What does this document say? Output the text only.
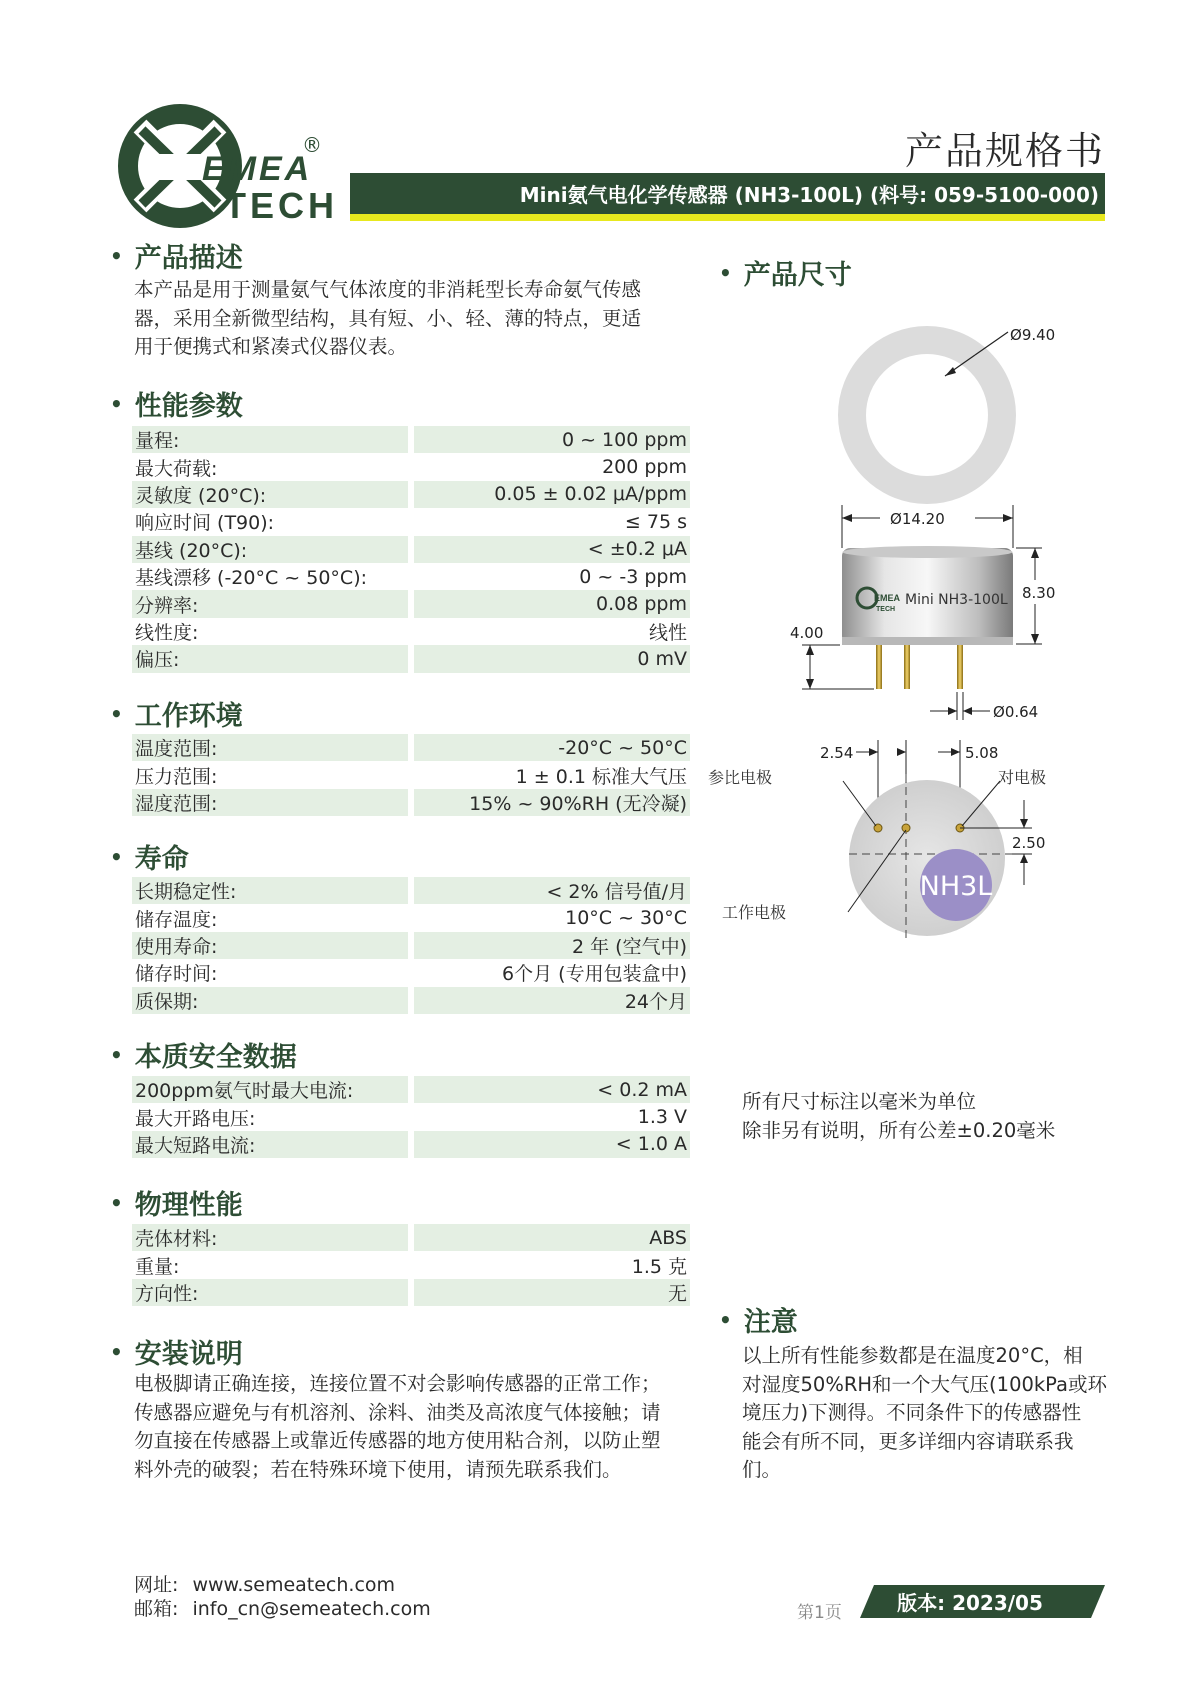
EMEA
TECH
®	产品规格书
Mini氨气电化学传感器 (NH3-100L) (料号: 059-5100-000)
• 产品描述
本产品是用于测量氨气气体浓度的非消耗型长寿命氨气传感
器，采用全新微型结构，具有短、小、轻、薄的特点，更适
用于便携式和紧凑式仪器仪表。
• 性能参数
量程:	0 ~ 100 ppm
最大荷载:	200 ppm
灵敏度 (20°C):	0.05 ± 0.02 μA/ppm
响应时间 (T90):	≤ 75 s
基线 (20°C):	< ±0.2 μA
基线漂移 (-20°C ~ 50°C):	0 ~ -3 ppm
分辨率:	0.08 ppm
线性度:	线性
偏压:	0 mV
• 工作环境
温度范围:	-20°C ~ 50°C
压力范围:	1 ± 0.1 标准大气压
湿度范围:	15% ~ 90%RH (无冷凝)
• 寿命
长期稳定性:	< 2% 信号值/月
储存温度:	10°C ~ 30°C
使用寿命:	2 年 (空气中)
储存时间:	6个月 (专用包装盒中)
质保期:	24个月
• 本质安全数据
200ppm氨气时最大电流:	< 0.2 mA
最大开路电压:	1.3 V
最大短路电流:	< 1.0 A
• 物理性能
壳体材料:	ABS
重量:	1.5 克
方向性:	无
• 安装说明
电极脚请正确连接，连接位置不对会影响传感器的正常工作；
传感器应避免与有机溶剂、涂料、油类及高浓度气体接触；请
勿直接在传感器上或靠近传感器的地方使用粘合剂，以防止塑
料外壳的破裂；若在特殊环境下使用，请预先联系我们。
• 产品尺寸
Ø9.40
Ø14.20
EMEA
TECH
Mini NH3-100L 8.30
4.00
Ø0.64
2.54	5.08
NH3L
2.50
参比电极	对电极
工作电极
所有尺寸标注以毫米为单位
除非另有说明，所有公差±0.20毫米
• 注意
以上所有性能参数都是在温度20°C，相
对湿度50%RH和一个大气压(100kPa或环
境压力)下测得。不同条件下的传感器性
能会有所不同，更多详细内容请联系我
们。
网址: www.semeatech.com
邮箱: info_cn@semeatech.com	第1页	版本: 2023/05
